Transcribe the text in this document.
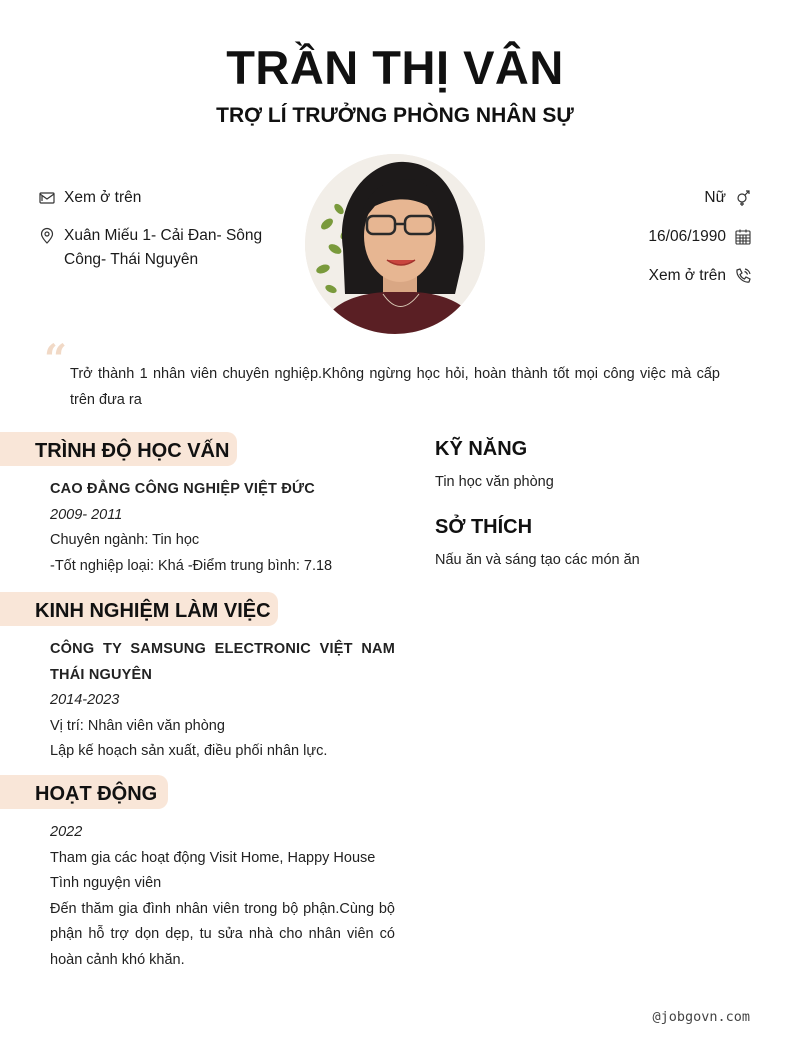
TRẦN THỊ VÂN
TRỢ LÍ TRƯỞNG PHÒNG NHÂN SỰ
Xem ở trên
Xuân Miếu 1- Cải Đan- Sông Công- Thái Nguyên
Nữ
16/06/1990
Xem ở trên
“ Trở thành 1 nhân viên chuyên nghiệp.Không ngừng học hỏi, hoàn thành tốt mọi công việc mà cấp trên đưa ra
TRÌNH ĐỘ HỌC VẤN
CAO ĐẲNG CÔNG NGHIỆP VIỆT ĐỨC
2009- 2011
Chuyên ngành: Tin học
-Tốt nghiệp loại: Khá -Điểm trung bình: 7.18
KINH NGHIỆM LÀM VIỆC
CÔNG TY SAMSUNG ELECTRONIC VIỆT NAM THÁI NGUYÊN
2014-2023
Vị trí: Nhân viên văn phòng
Lập kế hoạch sản xuất, điều phối nhân lực.
HOẠT ĐỘNG
2022
Tham gia các hoạt động Visit Home, Happy House
Tình nguyện viên
Đến thăm gia đình nhân viên trong bộ phận.Cùng bộ phận hỗ trợ dọn dẹp, tu sửa nhà cho nhân viên có hoàn cảnh khó khăn.
KỸ NĂNG
Tin học văn phòng
SỞ THÍCH
Nấu ăn và sáng tạo các món ăn
@jobgovn.com
